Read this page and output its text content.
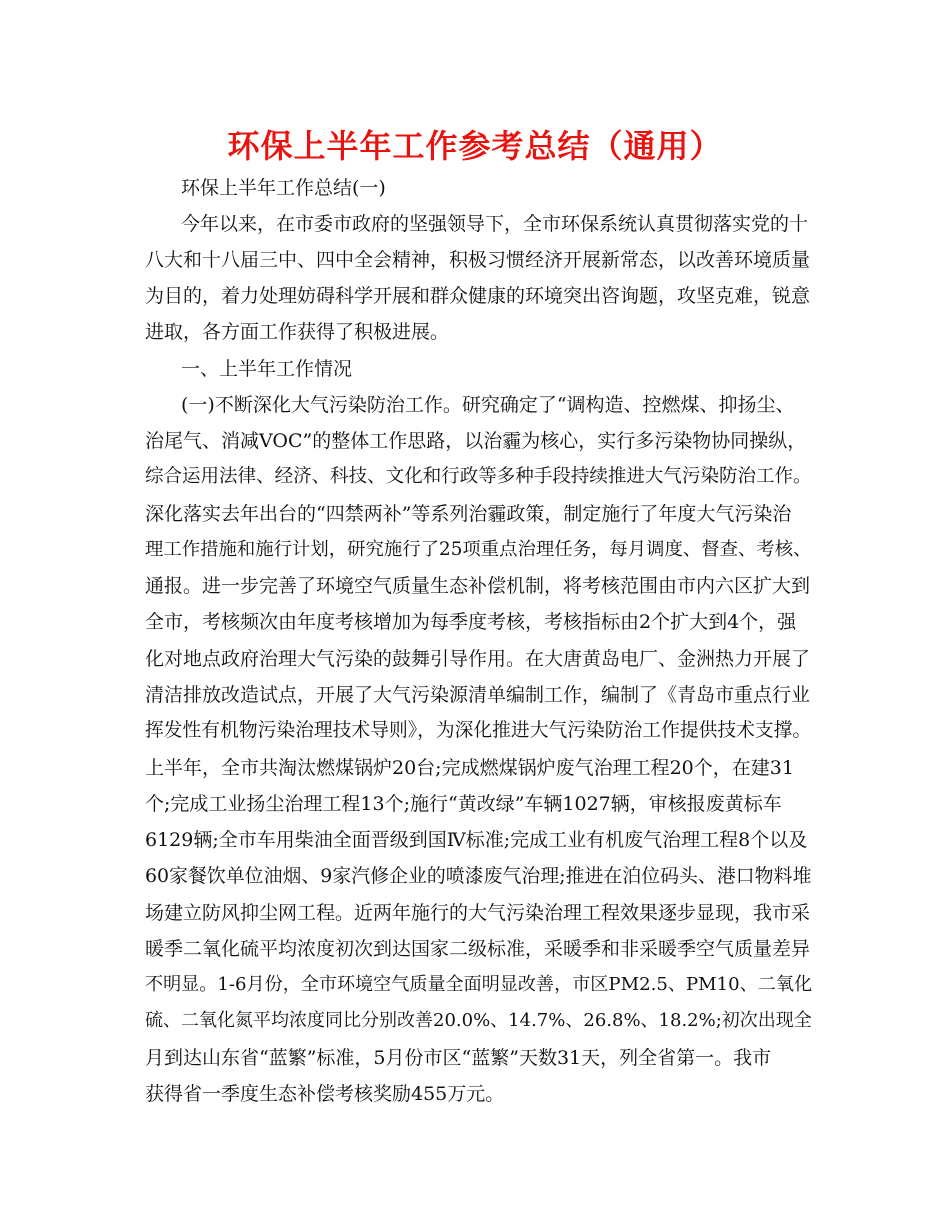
环保上半年工作参考总结（通用）
环保上半年工作总结(一)
今年以来，在市委市政府的坚强领导下，全市环保系统认真贯彻落实党的十
八大和十八届三中、四中全会精神，积极习惯经济开展新常态，以改善环境质量
为目的，着力处理妨碍科学开展和群众健康的环境突出咨询题，攻坚克难，锐意
进取，各方面工作获得了积极进展。
一、上半年工作情况
(一)不断深化大气污染防治工作。研究确定了“调构造、控燃煤、抑扬尘、
治尾气、消减VOC”的整体工作思路，以治霾为核心，实行多污染物协同操纵，
综合运用法律、经济、科技、文化和行政等多种手段持续推进大气污染防治工作。
深化落实去年出台的“四禁两补”等系列治霾政策，制定施行了年度大气污染治
理工作措施和施行计划，研究施行了25项重点治理任务，每月调度、督查、考核、
通报。进一步完善了环境空气质量生态补偿机制，将考核范围由市内六区扩大到
全市，考核频次由年度考核增加为每季度考核，考核指标由2个扩大到4个，强
化对地点政府治理大气污染的鼓舞引导作用。在大唐黄岛电厂、金洲热力开展了
清洁排放改造试点，开展了大气污染源清单编制工作，编制了《青岛市重点行业
挥发性有机物污染治理技术导则》，为深化推进大气污染防治工作提供技术支撑。
上半年，全市共淘汰燃煤锅炉20台;完成燃煤锅炉废气治理工程20个，在建31
个;完成工业扬尘治理工程13个;施行“黄改绿”车辆1027辆，审核报废黄标车
6129辆;全市车用柴油全面晋级到国Ⅳ标准;完成工业有机废气治理工程8个以及
60家餐饮单位油烟、9家汽修企业的喷漆废气治理;推进在泊位码头、港口物料堆
场建立防风抑尘网工程。近两年施行的大气污染治理工程效果逐步显现，我市采
暖季二氧化硫平均浓度初次到达国家二级标准，采暖季和非采暖季空气质量差异
不明显。1-6月份，全市环境空气质量全面明显改善，市区PM2.5、PM10、二氧化
硫、二氧化氮平均浓度同比分别改善20.0%、14.7%、26.8%、18.2%;初次出现全
月到达山东省“蓝繁”标准，5月份市区“蓝繁”天数31天，列全省第一。我市
获得省一季度生态补偿考核奖励455万元。
